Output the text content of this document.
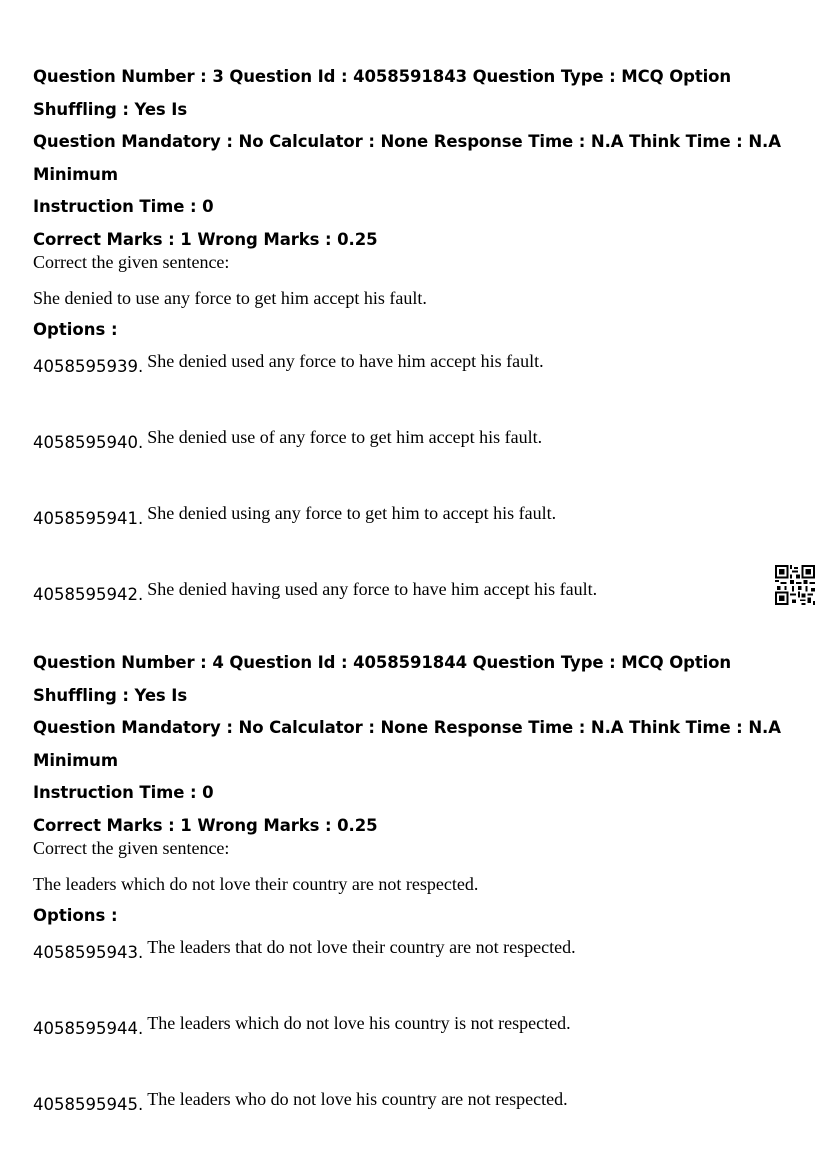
Question Number : 3 Question Id : 4058591843 Question Type : MCQ Option Shuffling : Yes Is

Question Mandatory : No Calculator : None Response Time : N.A Think Time : N.A Minimum

Instruction Time : 0

Correct Marks : 1 Wrong Marks : 0.25

Correct the given sentence:

She denied to use any force to get him accept his fault.

Options :

4058595939. She denied used any force to have him accept his fault.
4058595940. She denied use of any force to get him accept his fault.
4058595941. She denied using any force to get him to accept his fault.
4058595942. She denied having used any force to have him accept his fault.

Question Number : 4 Question Id : 4058591844 Question Type : MCQ Option Shuffling : Yes Is

Question Mandatory : No Calculator : None Response Time : N.A Think Time : N.A Minimum

Instruction Time : 0

Correct Marks : 1 Wrong Marks : 0.25

Correct the given sentence:

The leaders which do not love their country are not respected.

Options :

4058595943. The leaders that do not love their country are not respected.
4058595944. The leaders which do not love his country is not respected.
4058595945. The leaders who do not love his country are not respected.
